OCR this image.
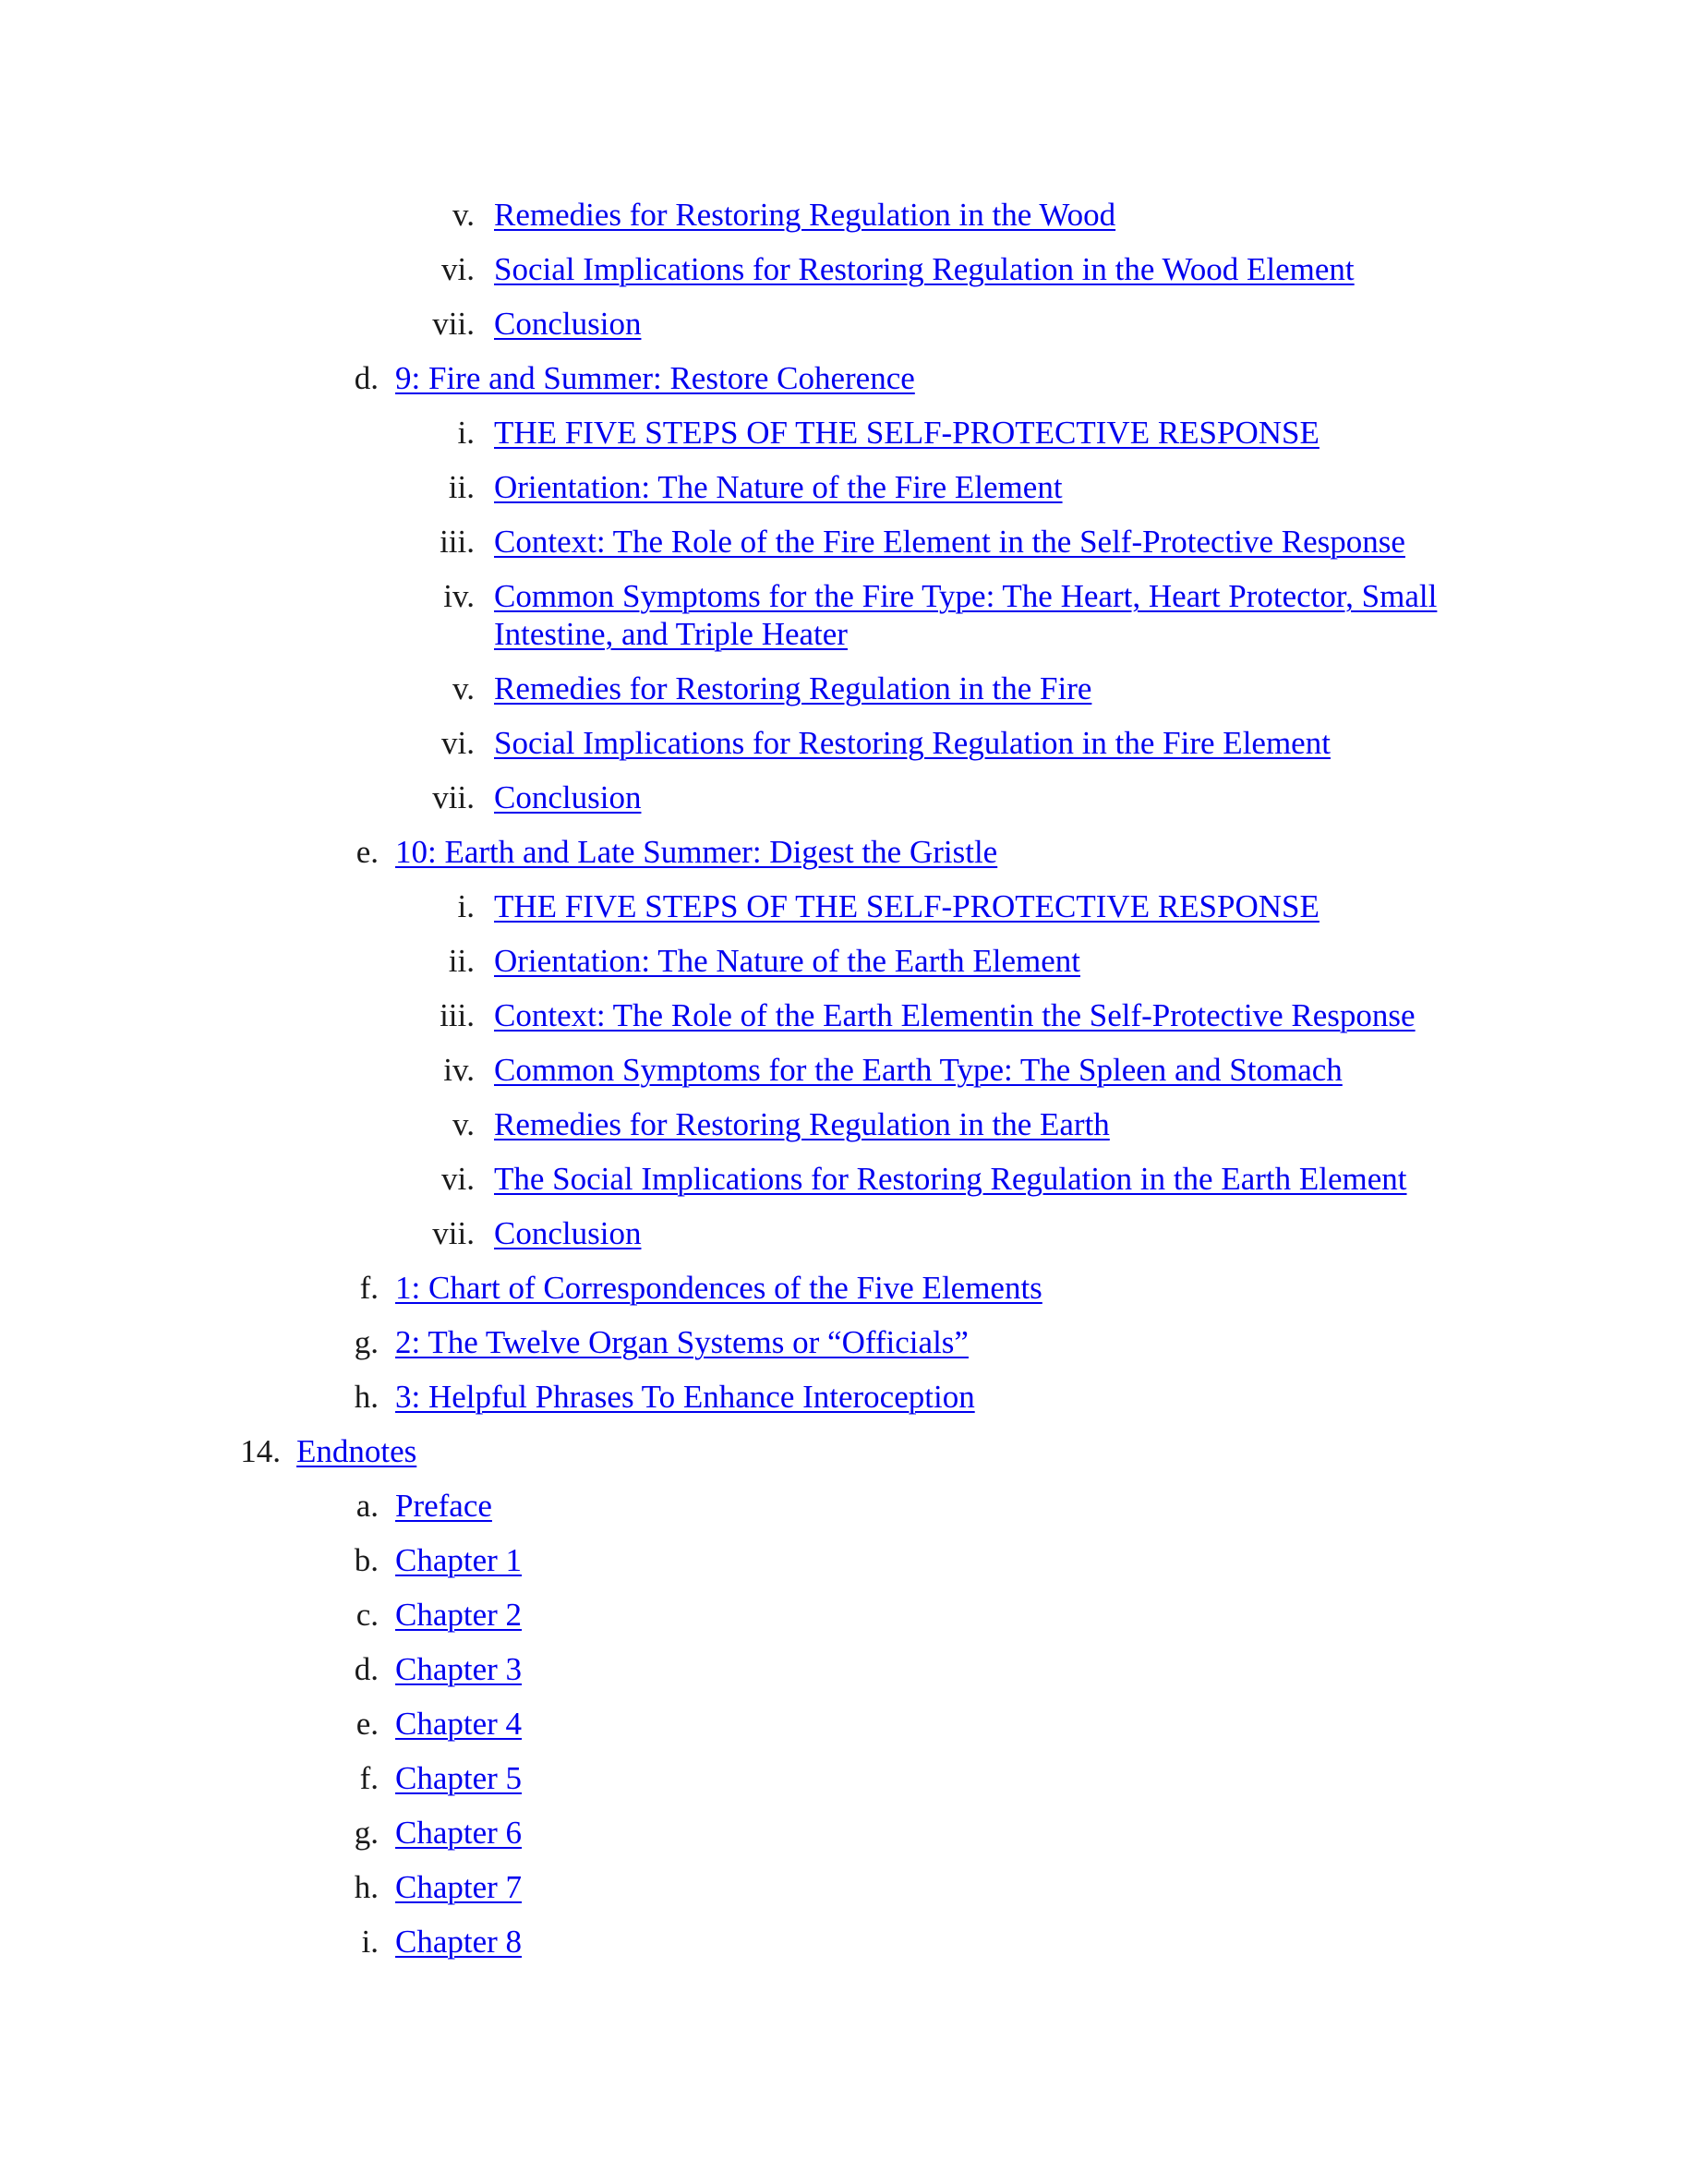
v. Remedies for Restoring Regulation in the Wood
vi. Social Implications for Restoring Regulation in the Wood Element
vii. Conclusion
d. 9: Fire and Summer: Restore Coherence
i. THE FIVE STEPS OF THE SELF-PROTECTIVE RESPONSE
ii. Orientation: The Nature of the Fire Element
iii. Context: The Role of the Fire Element in the Self-Protective Response
iv. Common Symptoms for the Fire Type: The Heart, Heart Protector, Small Intestine, and Triple Heater
v. Remedies for Restoring Regulation in the Fire
vi. Social Implications for Restoring Regulation in the Fire Element
vii. Conclusion
e. 10: Earth and Late Summer: Digest the Gristle
i. THE FIVE STEPS OF THE SELF-PROTECTIVE RESPONSE
ii. Orientation: The Nature of the Earth Element
iii. Context: The Role of the Earth Elementin the Self-Protective Response
iv. Common Symptoms for the Earth Type: The Spleen and Stomach
v. Remedies for Restoring Regulation in the Earth
vi. The Social Implications for Restoring Regulation in the Earth Element
vii. Conclusion
f. 1: Chart of Correspondences of the Five Elements
g. 2: The Twelve Organ Systems or “Officials”
h. 3: Helpful Phrases To Enhance Interoception
14. Endnotes
a. Preface
b. Chapter 1
c. Chapter 2
d. Chapter 3
e. Chapter 4
f. Chapter 5
g. Chapter 6
h. Chapter 7
i. Chapter 8
